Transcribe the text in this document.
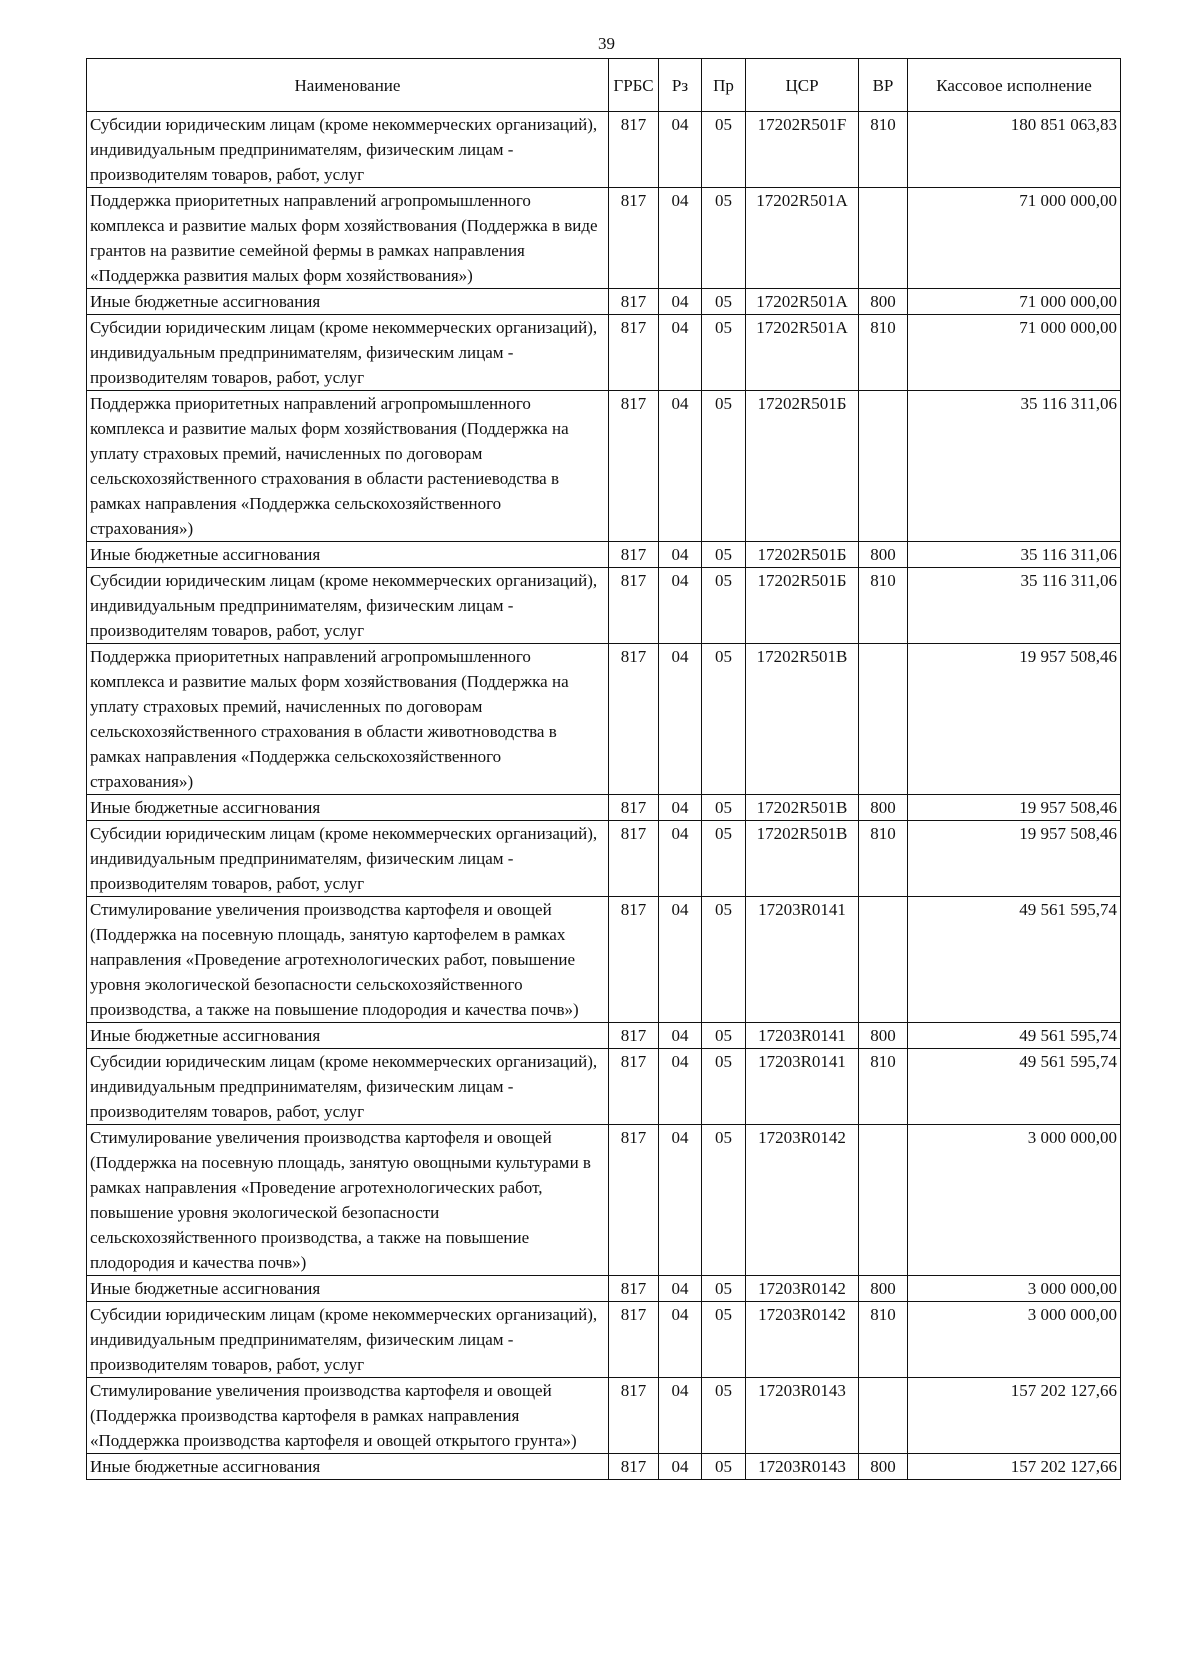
39
Наименование	ГРБС	Рз	Пр	ЦСР	ВР	Кассовое исполнение
Субсидии юридическим лицам (кроме некоммерческих организаций), индивидуальным предпринимателям, физическим лицам - производителям товаров, работ, услуг	817	04	05	17202R501F	810	180 851 063,83
Поддержка приоритетных направлений агропромышленного комплекса и развитие малых форм хозяйствования (Поддержка в виде грантов на развитие семейной фермы в рамках направления «Поддержка развития малых форм хозяйствования»)	817	04	05	17202R501A		71 000 000,00
Иные бюджетные ассигнования	817	04	05	17202R501A	800	71 000 000,00
Субсидии юридическим лицам (кроме некоммерческих организаций), индивидуальным предпринимателям, физическим лицам - производителям товаров, работ, услуг	817	04	05	17202R501A	810	71 000 000,00
Поддержка приоритетных направлений агропромышленного комплекса и развитие малых форм хозяйствования (Поддержка на уплату страховых премий, начисленных по договорам сельскохозяйственного страхования в области растениеводства в рамках направления «Поддержка сельскохозяйственного страхования»)	817	04	05	17202R501Б		35 116 311,06
Иные бюджетные ассигнования	817	04	05	17202R501Б	800	35 116 311,06
Субсидии юридическим лицам (кроме некоммерческих организаций), индивидуальным предпринимателям, физическим лицам - производителям товаров, работ, услуг	817	04	05	17202R501Б	810	35 116 311,06
Поддержка приоритетных направлений агропромышленного комплекса и развитие малых форм хозяйствования (Поддержка на уплату страховых премий, начисленных по договорам сельскохозяйственного страхования в области животноводства в рамках направления «Поддержка сельскохозяйственного страхования»)	817	04	05	17202R501В		19 957 508,46
Иные бюджетные ассигнования	817	04	05	17202R501В	800	19 957 508,46
Субсидии юридическим лицам (кроме некоммерческих организаций), индивидуальным предпринимателям, физическим лицам - производителям товаров, работ, услуг	817	04	05	17202R501В	810	19 957 508,46
Стимулирование увеличения производства картофеля и овощей (Поддержка на посевную площадь, занятую картофелем в рамках направления «Проведение агротехнологических работ, повышение уровня экологической безопасности сельскохозяйственного производства, а также на повышение плодородия и качества почв»)	817	04	05	17203R0141		49 561 595,74
Иные бюджетные ассигнования	817	04	05	17203R0141	800	49 561 595,74
Субсидии юридическим лицам (кроме некоммерческих организаций), индивидуальным предпринимателям, физическим лицам - производителям товаров, работ, услуг	817	04	05	17203R0141	810	49 561 595,74
Стимулирование увеличения производства картофеля и овощей (Поддержка на посевную площадь, занятую овощными культурами в рамках направления «Проведение агротехнологических работ, повышение уровня экологической безопасности сельскохозяйственного производства, а также на повышение плодородия и качества почв»)	817	04	05	17203R0142		3 000 000,00
Иные бюджетные ассигнования	817	04	05	17203R0142	800	3 000 000,00
Субсидии юридическим лицам (кроме некоммерческих организаций), индивидуальным предпринимателям, физическим лицам - производителям товаров, работ, услуг	817	04	05	17203R0142	810	3 000 000,00
Стимулирование увеличения производства картофеля и овощей (Поддержка производства картофеля в рамках направления «Поддержка производства картофеля и овощей открытого грунта»)	817	04	05	17203R0143		157 202 127,66
Иные бюджетные ассигнования	817	04	05	17203R0143	800	157 202 127,66
